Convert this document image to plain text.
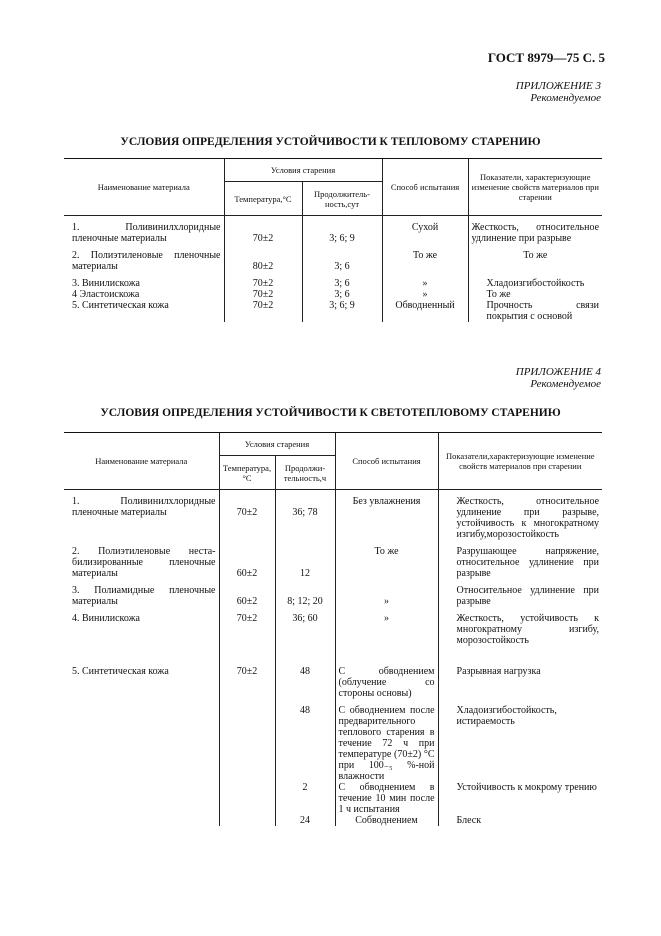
ГОСТ 8979—75 С. 5
ПРИЛОЖЕНИЕ 3
Рекомендуемое
УСЛОВИЯ ОПРЕДЕЛЕНИЯ УСТОЙЧИВОСТИ К ТЕПЛОВОМУ СТАРЕНИЮ
Наименование материала	Условия старения		Способ испытания	Показатели, характеризующие изменение свойств материалов при старении
	Температура,°С	Продолжительность,сут		

1. Поливинилхлоридные пленочные материалы	70±2	3; 6; 9	Сухой	Жесткость, относительное удлинение при разрыве

2. Полиэтиленовые пленочные материалы	80±2	3; 6	То же	То же

3. Винилискожа	70±2	3; 6	»	Хладоизгибостойкость
4 Эластоискожа	70±2	3; 6	»	То же
5. Синтетическая кожа	70±2	3; 6; 9	Обводненный	Прочность связи покрытия с основой
ПРИЛОЖЕНИЕ 4
Рекомендуемое
УСЛОВИЯ ОПРЕДЕЛЕНИЯ УСТОЙЧИВОСТИ К СВЕТОТЕПЛОВОМУ СТАРЕНИЮ
Наименование материала	Условия старения		Способ испытания	Показатели,характеризующие изменение свойств материалов при старении
	Температура,°С	Продолжительность,ч		

1. Поливинилхлоридные пленочные материалы	70±2	36; 78	Без увлажнения	Жесткость, относительное удлинение при разрыве, устойчивость к многократному изгибу,морозостойкость

2. Полиэтиленовые нестабилизированные пленочные материалы	60±2	12	То же	Разрушающее напряжение, относительное удлинение при разрыве

3. Полиамидные пленочные материалы	60±2	8; 12; 20	»	Относительное удлинение при разрыве

4. Винилискожа	70±2	36; 60	»	Жесткость, устойчивость к многократному изгибу, морозостойкость

5. Синтетическая кожа	70±2	48	С обводнением (облучение со стороны основы)	Разрывная нагрузка

		48	С обводнением после предварительного теплового старения в течение 72 ч при температуре (70±2) °С при 100₋₅ %-ной влажности	Хладоизгибостойкость, истираемость
		2	С обводнением в течение 10 мин после 1 ч испытания	Устойчивость к мокрому трению
		24	Собводнением	Блеск
